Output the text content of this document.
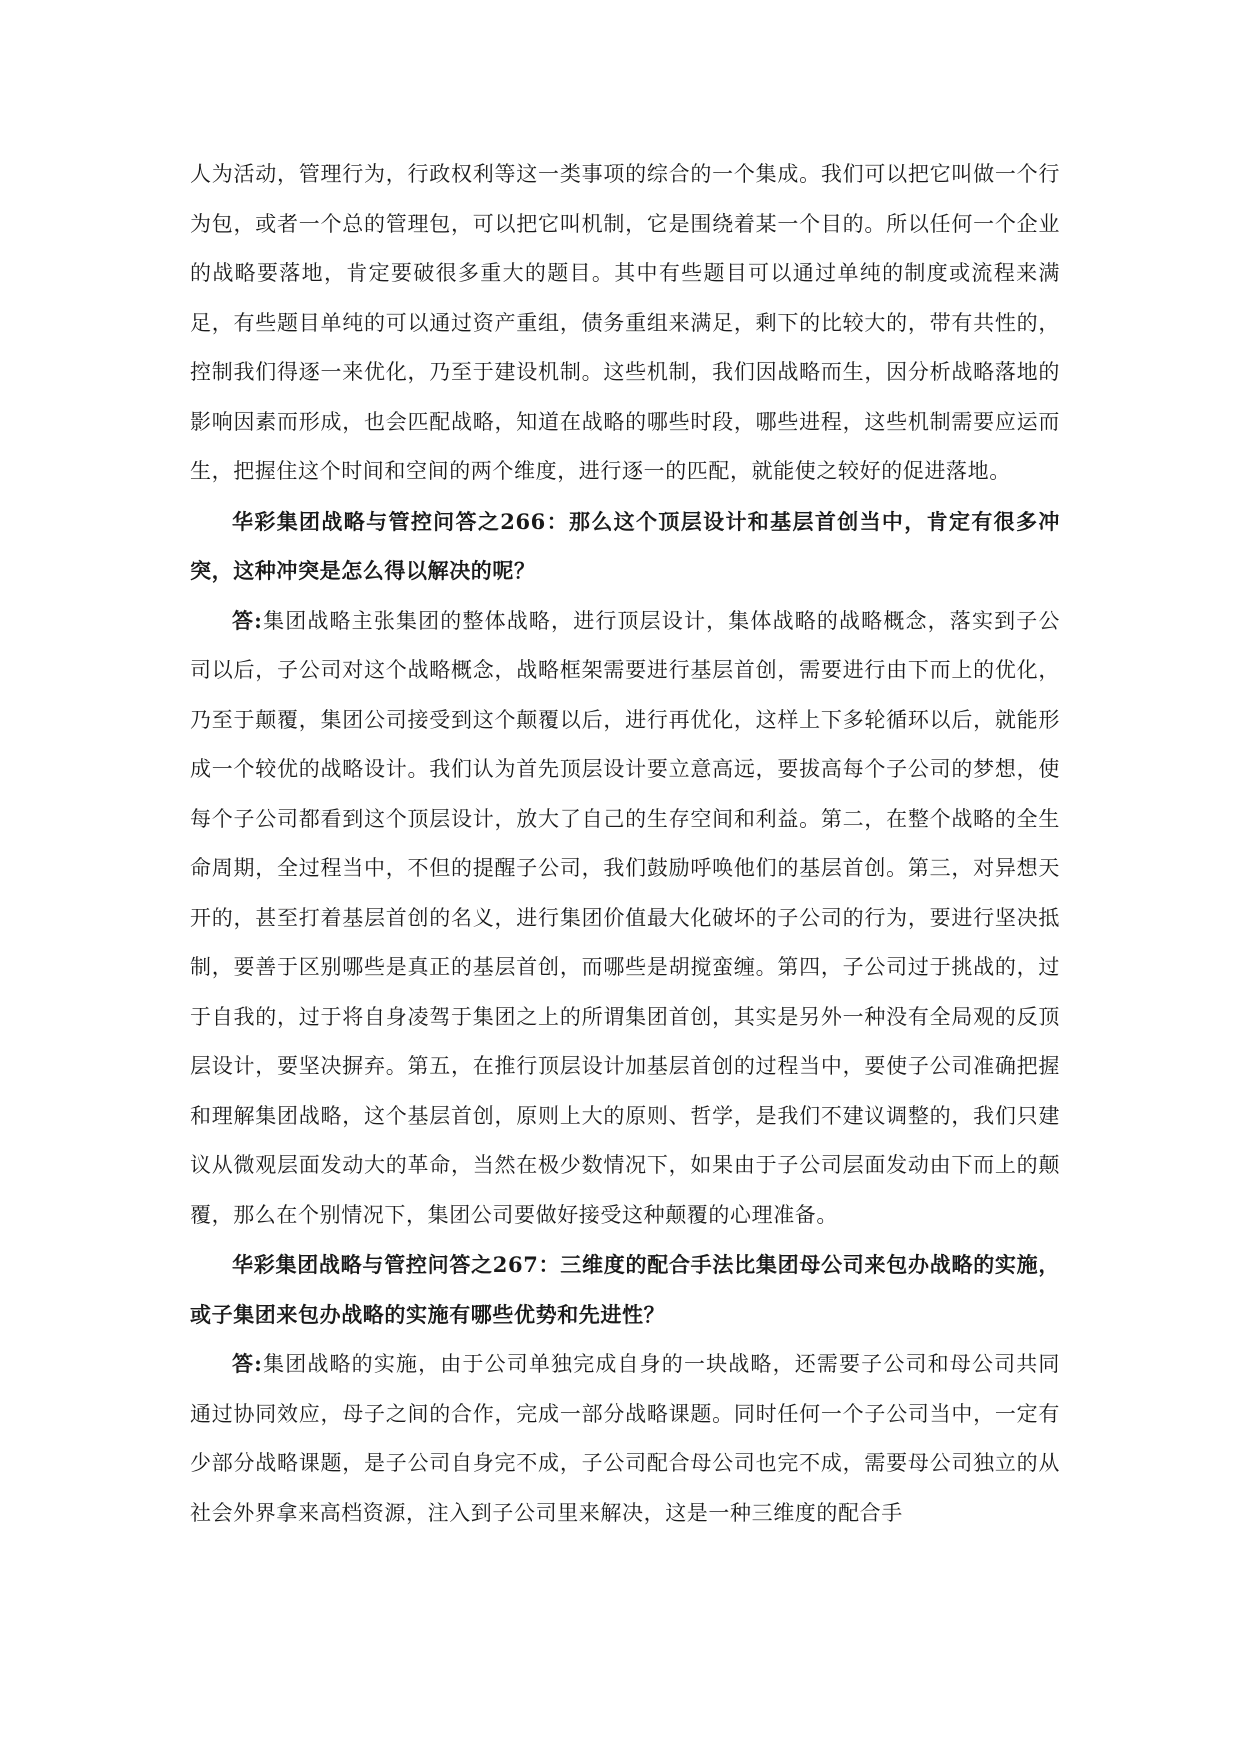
人为活动，管理行为，行政权利等这一类事项的综合的一个集成。我们可以把它叫做一个行为包，或者一个总的管理包，可以把它叫机制，它是围绕着某一个目的。所以任何一个企业的战略要落地，肯定要破很多重大的题目。其中有些题目可以通过单纯的制度或流程来满足，有些题目单纯的可以通过资产重组，债务重组来满足，剩下的比较大的，带有共性的，控制我们得逐一来优化，乃至于建设机制。这些机制，我们因战略而生，因分析战略落地的影响因素而形成，也会匹配战略，知道在战略的哪些时段，哪些进程，这些机制需要应运而生，把握住这个时间和空间的两个维度，进行逐一的匹配，就能使之较好的促进落地。

华彩集团战略与管控问答之266：那么这个顶层设计和基层首创当中，肯定有很多冲突，这种冲突是怎么得以解决的呢？

答:集团战略主张集团的整体战略，进行顶层设计，集体战略的战略概念，落实到子公司以后，子公司对这个战略概念，战略框架需要进行基层首创，需要进行由下而上的优化，乃至于颠覆，集团公司接受到这个颠覆以后，进行再优化，这样上下多轮循环以后，就能形成一个较优的战略设计。我们认为首先顶层设计要立意高远，要拔高每个子公司的梦想，使每个子公司都看到这个顶层设计，放大了自己的生存空间和利益。第二，在整个战略的全生命周期，全过程当中，不但的提醒子公司，我们鼓励呼唤他们的基层首创。第三，对异想天开的，甚至打着基层首创的名义，进行集团价值最大化破坏的子公司的行为，要进行坚决抵制，要善于区别哪些是真正的基层首创，而哪些是胡搅蛮缠。第四，子公司过于挑战的，过于自我的，过于将自身凌驾于集团之上的所谓集团首创，其实是另外一种没有全局观的反顶层设计，要坚决摒弃。第五，在推行顶层设计加基层首创的过程当中，要使子公司准确把握和理解集团战略，这个基层首创，原则上大的原则、哲学，是我们不建议调整的，我们只建议从微观层面发动大的革命，当然在极少数情况下，如果由于子公司层面发动由下而上的颠覆，那么在个别情况下，集团公司要做好接受这种颠覆的心理准备。

华彩集团战略与管控问答之267：三维度的配合手法比集团母公司来包办战略的实施，或子集团来包办战略的实施有哪些优势和先进性？

答:集团战略的实施，由于公司单独完成自身的一块战略，还需要子公司和母公司共同通过协同效应，母子之间的合作，完成一部分战略课题。同时任何一个子公司当中，一定有少部分战略课题，是子公司自身完不成，子公司配合母公司也完不成，需要母公司独立的从社会外界拿来高档资源，注入到子公司里来解决，这是一种三维度的配合手
